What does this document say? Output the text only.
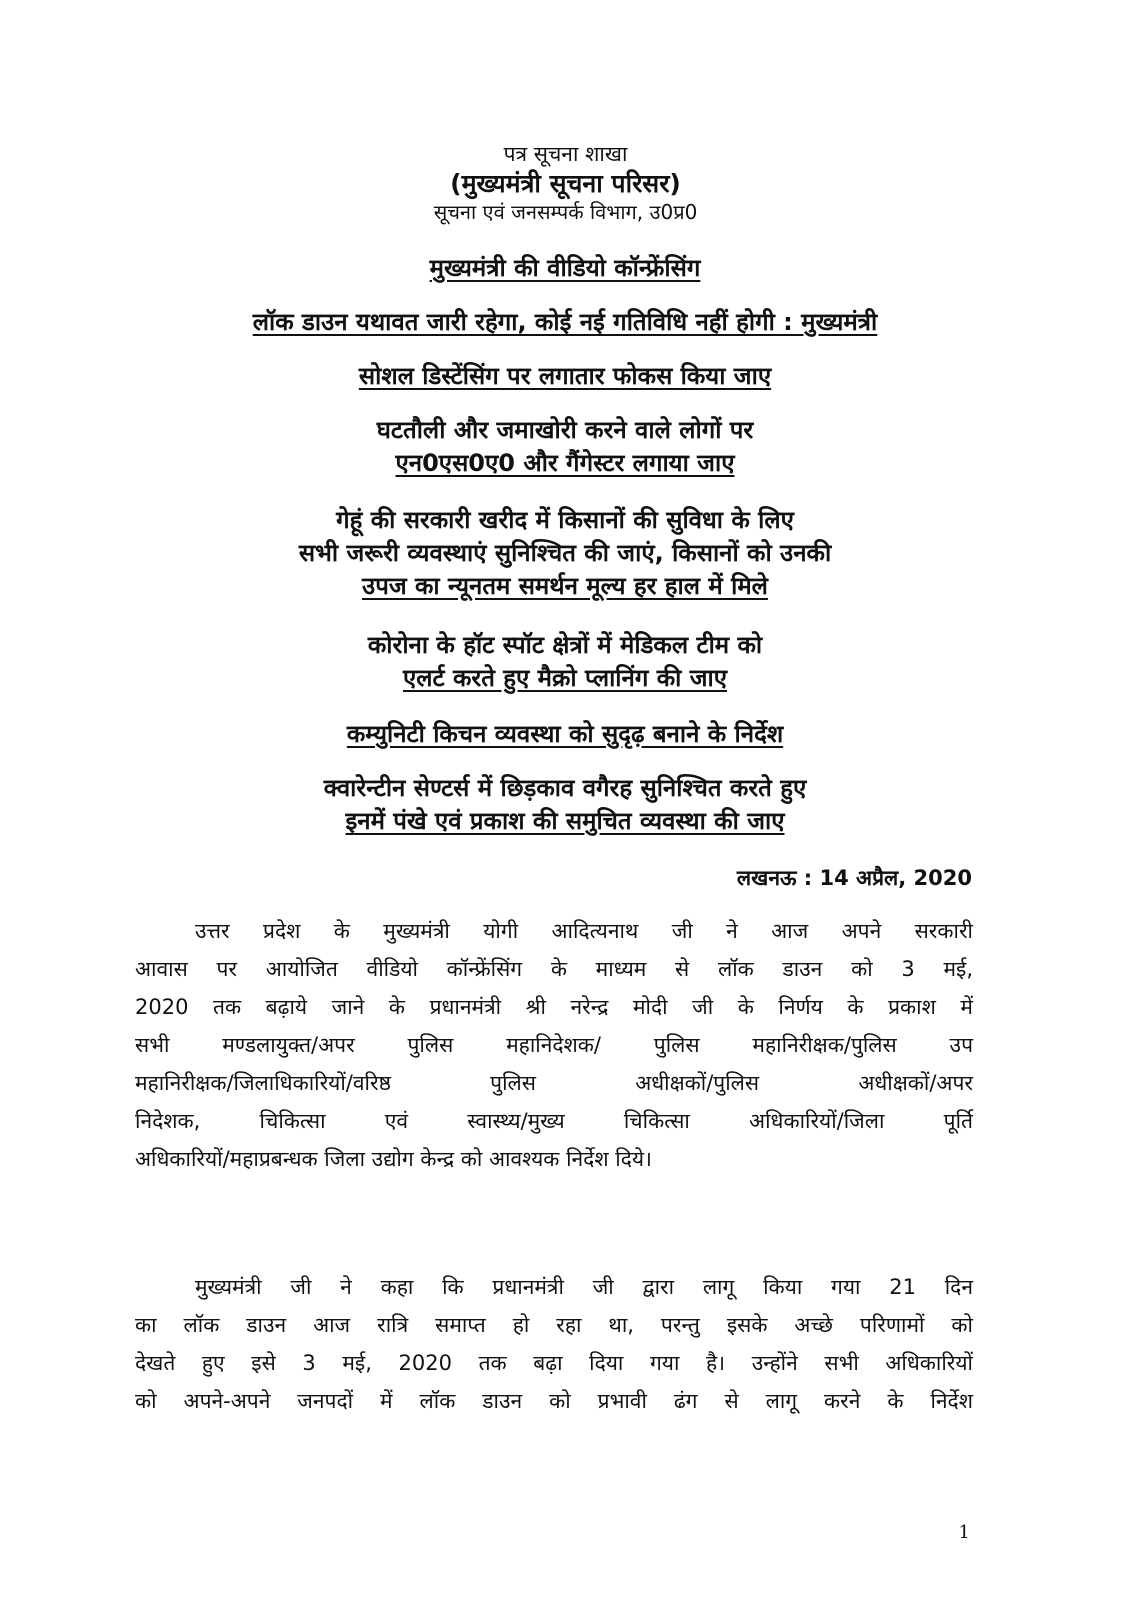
पत्र सूचना शाखा

(मुख्यमंत्री सूचना परिसर)

सूचना एवं जनसम्पर्क विभाग, उ0प्र0

मुख्यमंत्री की वीडियो कॉन्फ्रेंसिंग
लॉक डाउन यथावत जारी रहेगा, कोई नई गतिविधि नहीं होगी : मुख्यमंत्री
सोशल डिस्टेंसिंग पर लगातार फोकस किया जाए
घटतौली और जमाखोरी करने वाले लोगों पर
एन0एस0ए0 और गैंगेस्टर लगाया जाए
गेहूं की सरकारी खरीद में किसानों की सुविधा के लिए
सभी जरूरी व्यवस्थाएं सुनिश्चित की जाएं, किसानों को उनकी
उपज का न्यूनतम समर्थन मूल्य हर हाल में मिले
कोरोना के हॉट स्पॉट क्षेत्रों में मेडिकल टीम को
एलर्ट करते हुए मैक्रो प्लानिंग की जाए
कम्युनिटी किचन व्यवस्था को सुदृढ़ बनाने के निर्देश
क्वारेन्टीन सेण्टर्स में छिड़काव वगैरह सुनिश्चित करते हुए
इनमें पंखे एवं प्रकाश की समुचित व्यवस्था की जाए

लखनऊ : 14 अप्रैल, 2020

उत्तर प्रदेश के मुख्यमंत्री योगी आदित्यनाथ जी ने आज अपने सरकारी
आवास पर आयोजित वीडियो कॉन्फ्रेंसिंग के माध्यम से लॉक डाउन को 3 मई,
2020 तक बढ़ाये जाने के प्रधानमंत्री श्री नरेन्द्र मोदी जी के निर्णय के प्रकाश में
सभी मण्डलायुक्त/अपर पुलिस महानिदेशक/ पुलिस महानिरीक्षक/पुलिस उप
महानिरीक्षक/जिलाधिकारियों/वरिष्ठ पुलिस अधीक्षकों/पुलिस अधीक्षकों/अपर
निदेशक, चिकित्सा एवं स्वास्थ्य/मुख्य चिकित्सा अधिकारियों/जिला पूर्ति
अधिकारियों/महाप्रबन्धक जिला उद्योग केन्द्र को आवश्यक निर्देश दिये।
मुख्यमंत्री जी ने कहा कि प्रधानमंत्री जी द्वारा लागू किया गया 21 दिन
का लॉक डाउन आज रात्रि समाप्त हो रहा था, परन्तु इसके अच्छे परिणामों को
देखते हुए इसे 3 मई, 2020 तक बढ़ा दिया गया है। उन्होंने सभी अधिकारियों
को अपने-अपने जनपदों में लॉक डाउन को प्रभावी ढंग से लागू करने के निर्देश
1
